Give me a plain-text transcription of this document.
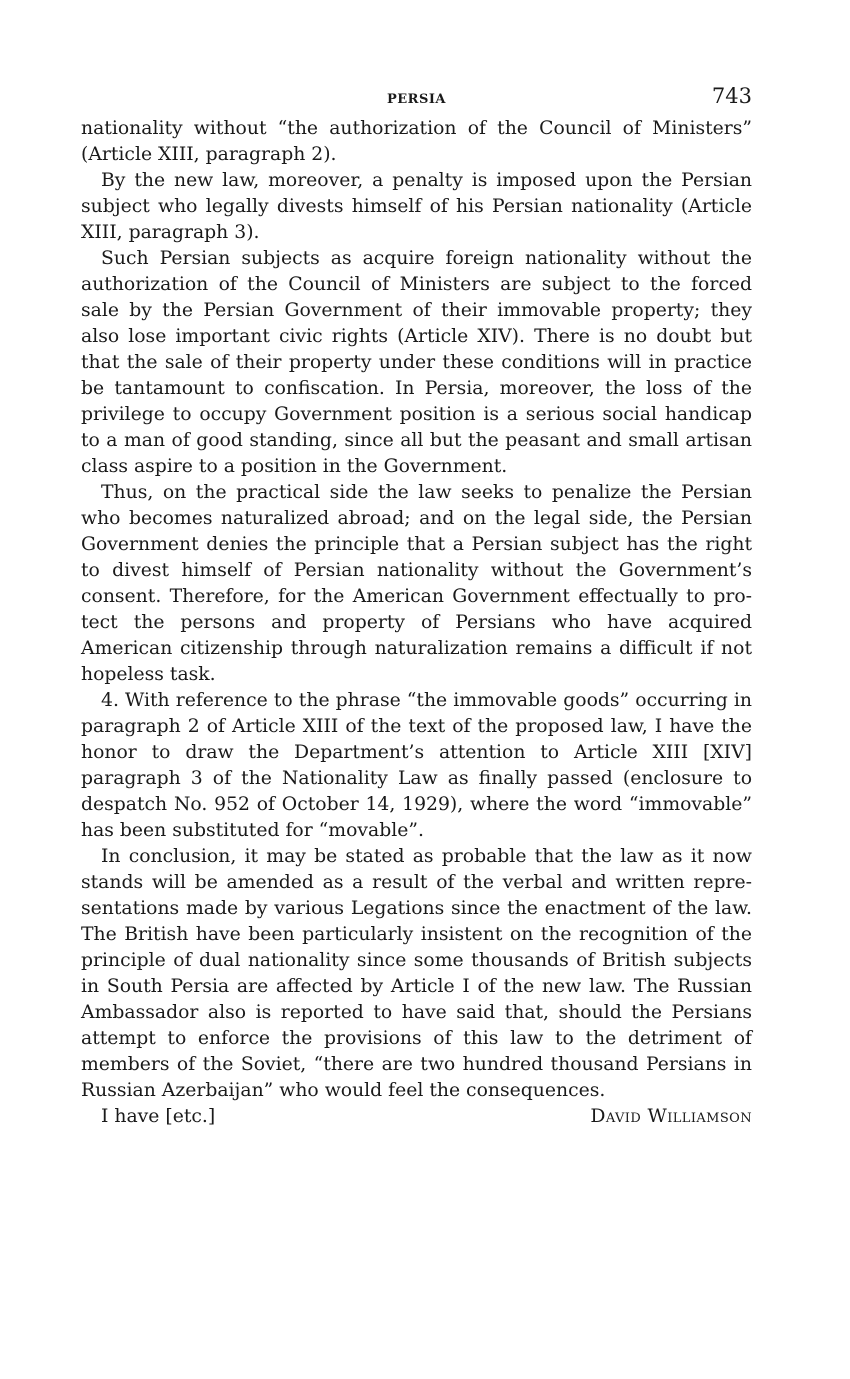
PERSIA	743

nationality without “the authorization of the Council of Ministers” (Article XIII, paragraph 2).

By the new law, moreover, a penalty is imposed upon the Persian subject who legally divests himself of his Persian nationality (Article XIII, paragraph 3).

Such Persian subjects as acquire foreign nationality without the authorization of the Council of Ministers are subject to the forced sale by the Persian Government of their immovable property; they also lose important civic rights (Article XIV). There is no doubt but that the sale of their property under these conditions will in practice be tantamount to confiscation. In Persia, moreover, the loss of the privilege to occupy Government position is a serious social handicap to a man of good standing, since all but the peasant and small artisan class aspire to a position in the Government.

Thus, on the practical side the law seeks to penalize the Persian who becomes naturalized abroad; and on the legal side, the Persian Government denies the principle that a Persian subject has the right to divest himself of Persian nationality without the Government’s consent. Therefore, for the American Government effectually to protect the persons and property of Persians who have acquired American citizenship through naturalization remains a difficult if not hopeless task.

4. With reference to the phrase “the immovable goods” occurring in paragraph 2 of Article XIII of the text of the proposed law, I have the honor to draw the Department’s attention to Article XIII [XIV] paragraph 3 of the Nationality Law as finally passed (enclosure to despatch No. 952 of October 14, 1929), where the word “immovable” has been substituted for “movable”.

In conclusion, it may be stated as probable that the law as it now stands will be amended as a result of the verbal and written representations made by various Legations since the enactment of the law. The British have been particularly insistent on the recognition of the principle of dual nationality since some thousands of British subjects in South Persia are affected by Article I of the new law. The Russian Ambassador also is reported to have said that, should the Persians attempt to enforce the provisions of this law to the detriment of members of the Soviet, “there are two hundred thousand Persians in Russian Azerbaijan” who would feel the consequences.

I have [etc.]	David Williamson
